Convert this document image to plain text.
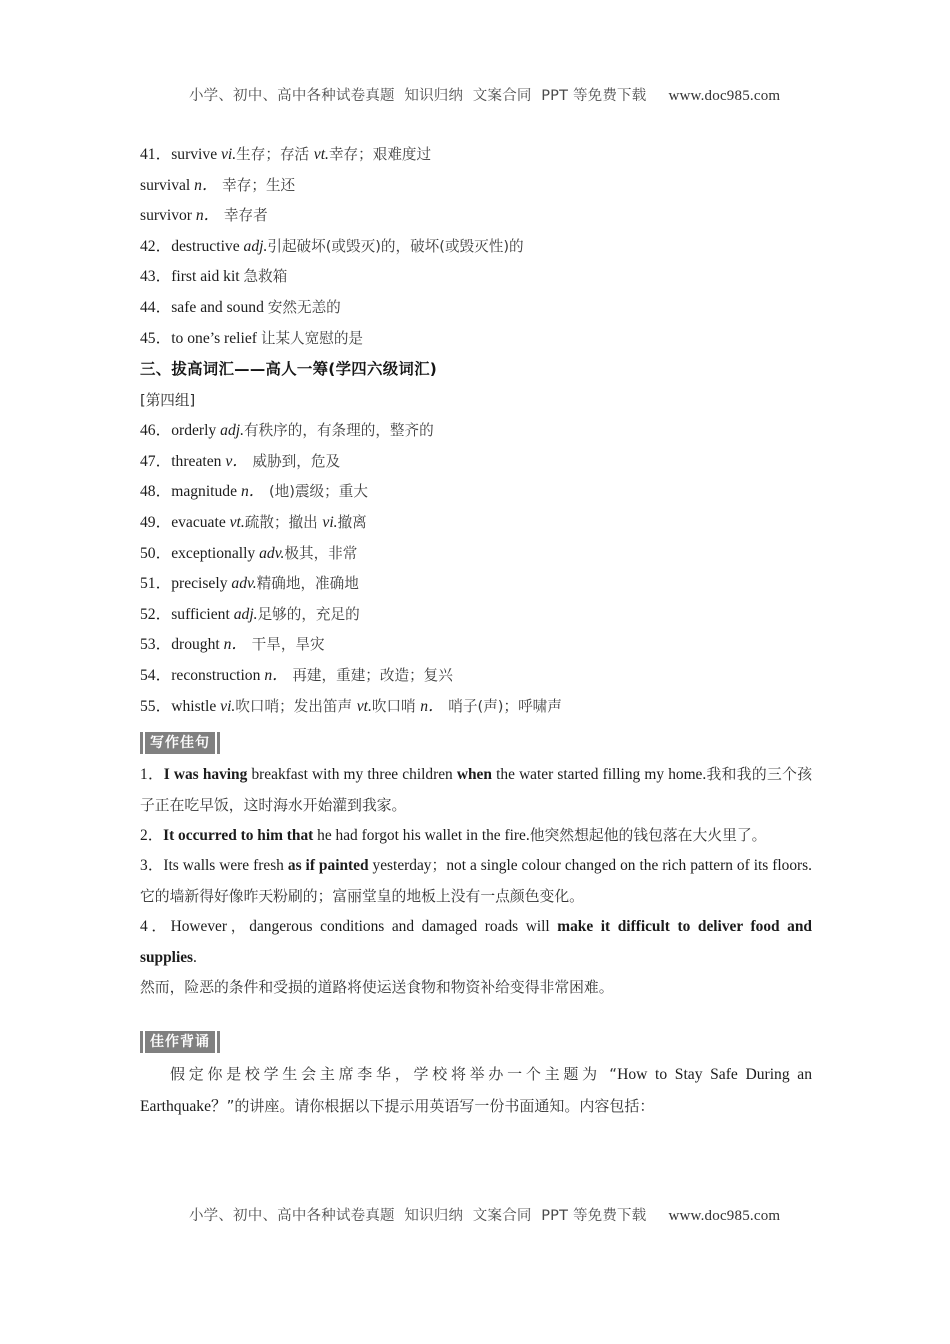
小学、初中、高中各种试卷真题  知识归纳  文案合同  PPT 等免费下载 www.doc985.com

41．survive vi.生存；存活 vt.幸存；艰难度过
survival n． 幸存；生还
survivor n． 幸存者
42．destructive adj.引起破坏(或毁灭)的，破坏(或毁灭性)的
43．first aid kit 急救箱
44．safe and sound 安然无恙的
45．to one’s relief 让某人宽慰的是
三、拔高词汇——高人一筹(学四六级词汇)
[第四组]
46．orderly adj.有秩序的，有条理的，整齐的
47．threaten v． 威胁到，危及
48．magnitude n． (地)震级；重大
49．evacuate vt.疏散；撤出 vi.撤离
50．exceptionally adv.极其，非常
51．precisely adv.精确地，准确地
52．sufficient adj.足够的，充足的
53．drought n． 干旱，旱灾
54．reconstruction n． 再建，重建；改造；复兴
55．whistle vi.吹口哨；发出笛声 vt.吹口哨 n． 哨子(声)；呼啸声
写作佳句

1．I was having breakfast with my three children when the water started filling my home.我和我的三个孩子正在吃早饭，这时海水开始灌到我家。

2．It occurred to him that he had forgot his wallet in the fire.他突然想起他的钱包落在大火里了。

3．Its walls were fresh as if painted yesterday；not a single colour changed on the rich pattern of its floors.它的墙新得好像昨天粉刷的；富丽堂皇的地板上没有一点颜色变化。

4．However，dangerous conditions and damaged roads will make it difficult to deliver food and supplies.

然而，险恶的条件和受损的道路将使运送食物和物资补给变得非常困难。

佳作背诵

假定你是校学生会主席李华，学校将举办一个主题为 “How to Stay Safe During an Earthquake？”的讲座。请你根据以下提示用英语写一份书面通知。内容包括：

小学、初中、高中各种试卷真题  知识归纳  文案合同  PPT 等免费下载 www.doc985.com
